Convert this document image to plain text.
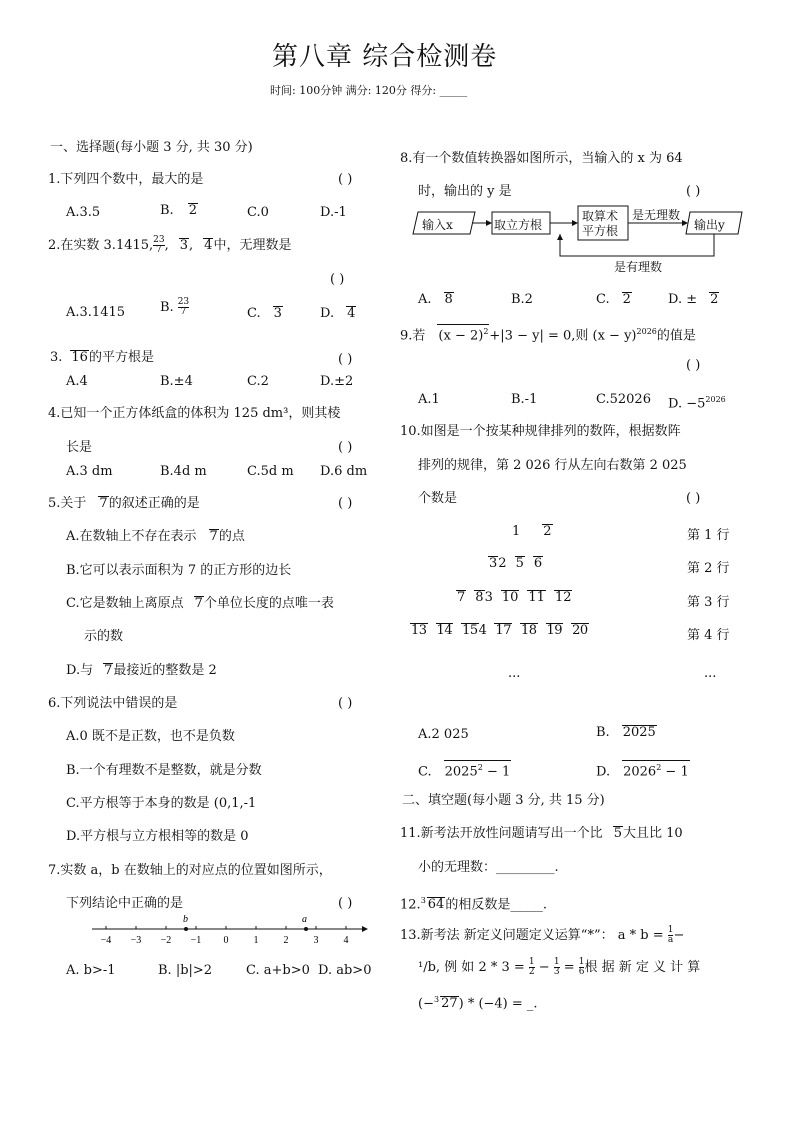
第八章 综合检测卷
时间: 100分钟 满分: 120分 得分: _____
一、选择题(每小题 3 分, 共 30 分)
1.下列四个数中，最大的是	( )
A.3.5	B. 2	C.0	D.-1
2.在实数 3.1415, $\frac{23}{7}$ , 3, 4中，无理数是
( )
A.3.1415	B. $\frac{23}{7}$	C. 3	D. 4
3. 16的平方根是	( )
A.4	B.±4	C.2	D.±2
4.已知一个正方体纸盒的体积为 125 dm³，则其棱
长是	( )
A.3 dm	B.4d m	C.5d m D.6 dm
5.关于 7的叙述正确的是	( )
A.在数轴上不存在表示 7的点
B.它可以表示面积为 7 的正方形的边长
C.它是数轴上离原点 7个单位长度的点唯一表
示的数
D.与 7最接近的整数是 2
6.下列说法中错误的是	( )
A.0 既不是正数，也不是负数
B.一个有理数不是整数，就是分数
C.平方根等于本身的数是 (0,1,-1
D.平方根与立方根相等的数是 0
7.实数 a，b 在数轴上的对应点的位置如图所示，
下列结论中正确的是	( )
−4 −3 −2 −1 0	1	2	3	4
b	a
A. b>-1	B. |b|>2	C. a+b>0 D. ab>0
8.有一个数值转换器如图所示，当输入的 x 为 64
时，输出的 y 是	( )
输入x	取立方根
取算术
平方根
是无理数
输出y
是有理数
A. 8	B.2	C. 2	D. ± 2
9.若 $(x - 2)^2+|3 - y| = 0$,则 $(x - y)^{2026}$的值是
( )
A.1	B.-1	C.52026 D. $-5^{2026}$
10.如图是一个按某种规律排列的数阵，根据数阵
排列的规律，第 2 026 行从左向右数第 2 025
个数是	( )
1 2	第 1 行
32 5 6	第 2 行
7 83 10 11 12	第 3 行
13 14 154 17 18 19 20	第 4 行
...	...
A.2 025	B. 2025
C. $2025^2 - 1$	D. $2026^2 - 1$
二、填空题(每小题 3 分, 共 15 分)
11.新考法开放性问题请写出一个比 5大且比 10
小的无理数：_________.
12.$^3$ 64的相反数是_____.
13.新考法 新定义问题定义运算“*”： $a * b = \frac{1}{a}$ −
¹/b, 例 如 $2 * 3 = \frac{1}{2} - \frac{1}{3} = \frac{1}{6}$ 根 据 新 定 义 计 算
(−$^3$ 27) * (−4) = _.
